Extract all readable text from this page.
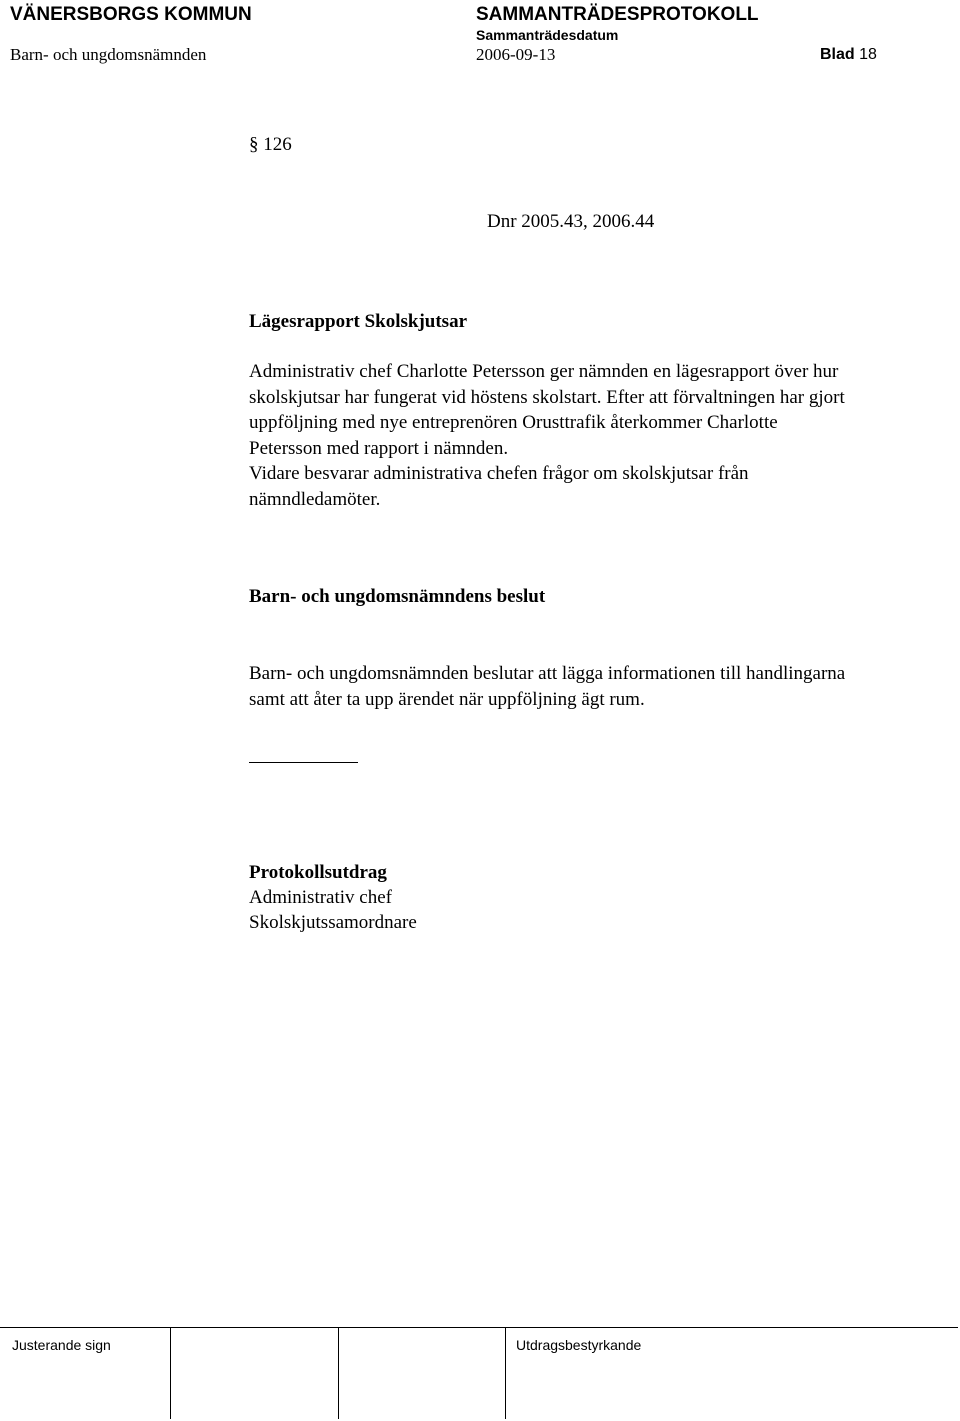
VÄNERSBORGS KOMMUN	SAMMANTRÄDESPROTOKOLL
Sammanträdesdatum
Barn- och ungdomsnämnden	2006-09-13	Blad 18
§ 126
Dnr 2005.43, 2006.44
Lägesrapport Skolskjutsar
Administrativ chef Charlotte Petersson ger nämnden en lägesrapport över hur
skolskjutsar har fungerat vid höstens skolstart. Efter att förvaltningen har gjort
uppföljning med nye entreprenören Orusttrafik återkommer Charlotte
Petersson med rapport i nämnden.
Vidare besvarar administrativa chefen frågor om skolskjutsar från
nämndledamöter.
Barn- och ungdomsnämndens beslut
Barn- och ungdomsnämnden beslutar att lägga informationen till handlingarna
samt att åter ta upp ärendet när uppföljning ägt rum.
Protokollsutdrag
Administrativ chef
Skolskjutssamordnare
Justerande sign	Utdragsbestyrkande
